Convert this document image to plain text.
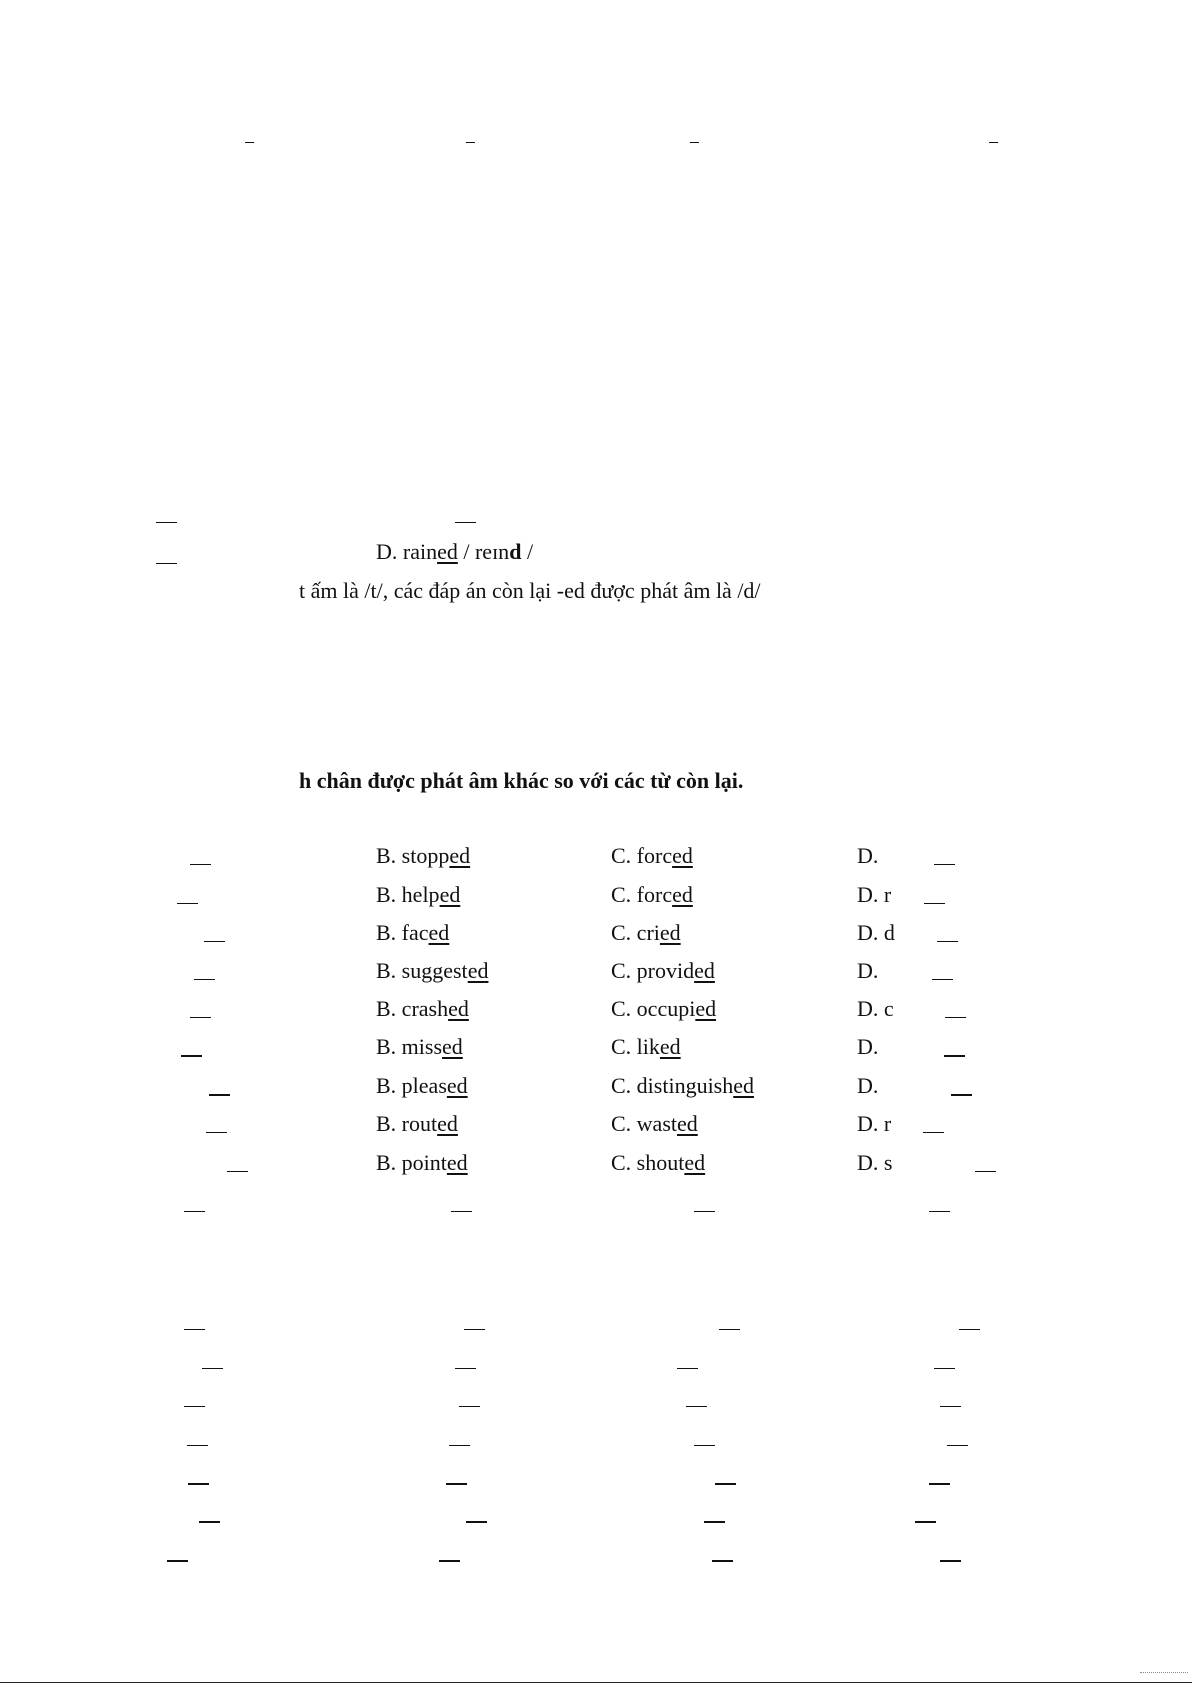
D. rained / reɪnd /
t ấm là /t/, các đáp án còn lại -ed được phát âm là /d/
h chân được phát âm khác so với các từ còn lại.
B. stopped	C. forced	D.
B. helped	C. forced	D. r
B. faced	C. cried	D. d
B. suggested	C. provided	D.
B. crashed	C. occupied	D. c
B. missed	C. liked	D.
B. pleased	C. distinguished	D.
B. routed	C. wasted	D. r
B. pointed	C. shouted	D. s
